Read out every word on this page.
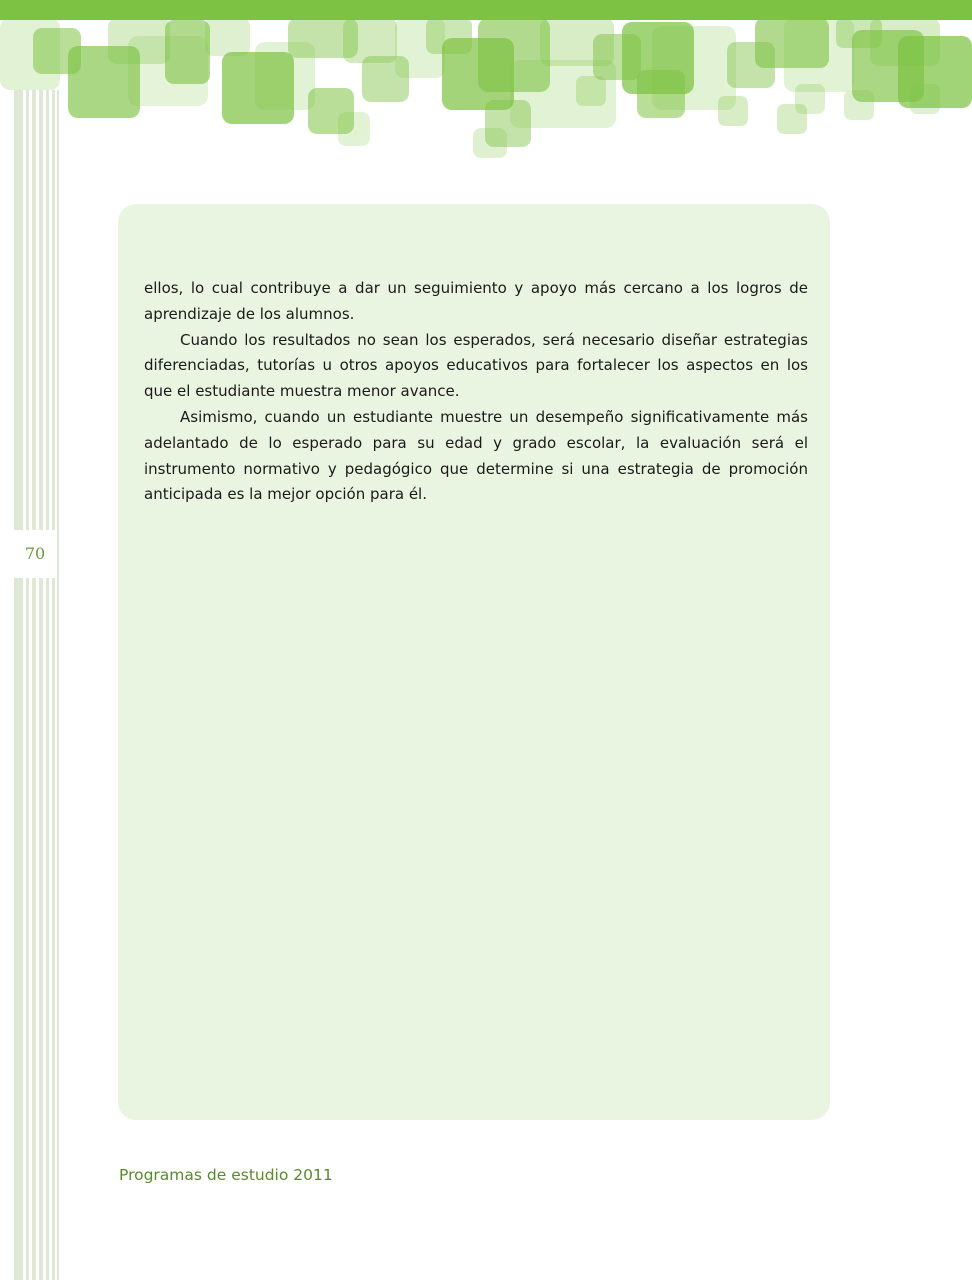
70

ellos, lo cual contribuye a dar un seguimiento y apoyo más cercano a los logros de aprendizaje de los alumnos.

Cuando los resultados no sean los esperados, será necesario diseñar estrategias diferenciadas, tutorías u otros apoyos educativos para fortalecer los aspectos en los que el estudiante muestra menor avance.

Asimismo, cuando un estudiante muestre un desempeño significativamente más adelantado de lo esperado para su edad y grado escolar, la evaluación será el instrumento normativo y pedagógico que determine si una estrategia de promoción anticipada es la mejor opción para él.

Programas de estudio 2011
